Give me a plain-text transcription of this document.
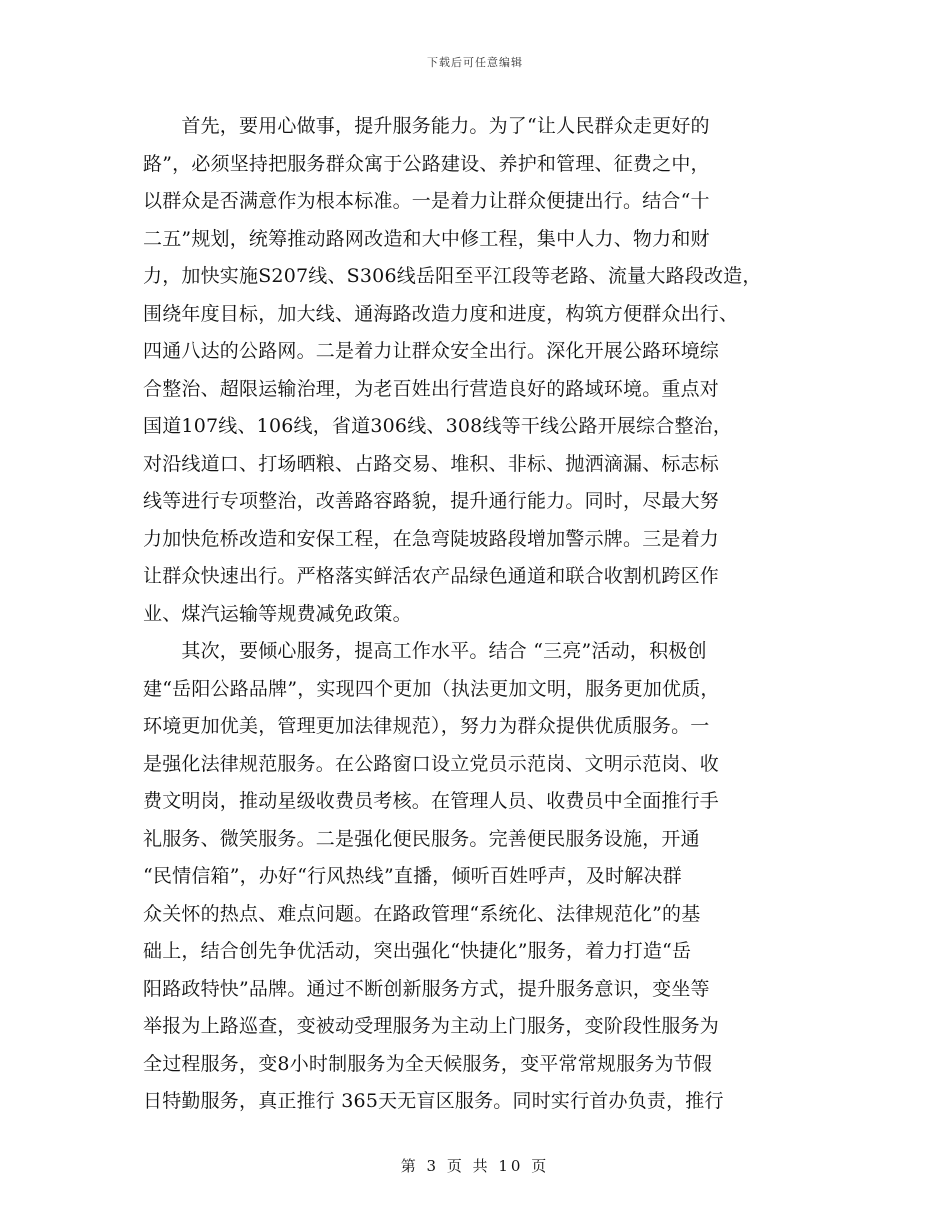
下载后可任意编辑
　　首先，要用心做事，提升服务能力。为了“让人民群众走更好的
路”，必须坚持把服务群众寓于公路建设、养护和管理、征费之中，
以群众是否满意作为根本标准。一是着力让群众便捷出行。结合“十
二五”规划，统筹推动路网改造和大中修工程，集中人力、物力和财
力，加快实施S207线、S306线岳阳至平江段等老路、流量大路段改造，
围绕年度目标，加大线、通海路改造力度和进度，构筑方便群众出行、
四通八达的公路网。二是着力让群众安全出行。深化开展公路环境综
合整治、超限运输治理，为老百姓出行营造良好的路域环境。重点对
国道107线、106线，省道306线、308线等干线公路开展综合整治，
对沿线道口、打场晒粮、占路交易、堆积、非标、抛洒滴漏、标志标
线等进行专项整治，改善路容路貌，提升通行能力。同时，尽最大努
力加快危桥改造和安保工程，在急弯陡坡路段增加警示牌。三是着力
让群众快速出行。严格落实鲜活农产品绿色通道和联合收割机跨区作
业、煤汽运输等规费减免政策。
　　其次，要倾心服务，提高工作水平。结合 “三亮”活动，积极创
建“岳阳公路品牌”，实现四个更加（执法更加文明，服务更加优质，
环境更加优美，管理更加法律规范），努力为群众提供优质服务。一
是强化法律规范服务。在公路窗口设立党员示范岗、文明示范岗、收
费文明岗，推动星级收费员考核。在管理人员、收费员中全面推行手
礼服务、微笑服务。二是强化便民服务。完善便民服务设施，开通
“民情信箱”，办好“行风热线”直播，倾听百姓呼声，及时解决群
众关怀的热点、难点问题。在路政管理“系统化、法律规范化”的基
础上，结合创先争优活动，突出强化“快捷化”服务，着力打造“岳
阳路政特快”品牌。通过不断创新服务方式，提升服务意识，变坐等
举报为上路巡查，变被动受理服务为主动上门服务，变阶段性服务为
全过程服务，变8小时制服务为全天候服务，变平常常规服务为节假
日特勤服务，真正推行 365天无盲区服务。同时实行首办负责，推行
第 3 页 共 10 页
